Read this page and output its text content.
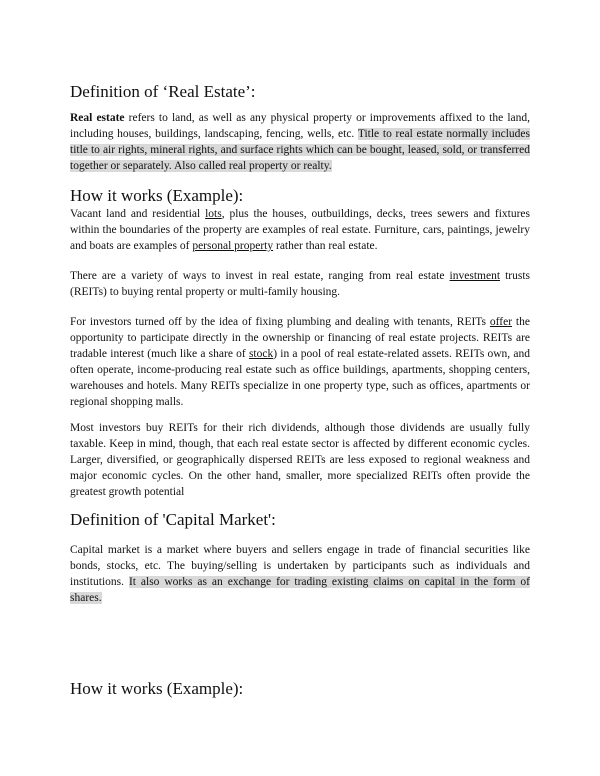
Definition of ‘Real Estate’:

Real estate refers to land, as well as any physical property or improvements affixed to the land, including houses, buildings, landscaping, fencing, wells, etc. Title to real estate normally includes title to air rights, mineral rights, and surface rights which can be bought, leased, sold, or transferred together or separately. Also called real property or realty.

How it works (Example):

Vacant land and residential lots, plus the houses, outbuildings, decks, trees sewers and fixtures within the boundaries of the property are examples of real estate. Furniture, cars, paintings, jewelry and boats are examples of personal property rather than real estate.

There are a variety of ways to invest in real estate, ranging from real estate investment trusts (REITs) to buying rental property or multi-family housing.

For investors turned off by the idea of fixing plumbing and dealing with tenants, REITs offer the opportunity to participate directly in the ownership or financing of real estate projects. REITs are tradable interest (much like a share of stock) in a pool of real estate-related assets. REITs own, and often operate, income-producing real estate such as office buildings, apartments, shopping centers, warehouses and hotels. Many REITs specialize in one property type, such as offices, apartments or regional shopping malls.

Most investors buy REITs for their rich dividends, although those dividends are usually fully taxable. Keep in mind, though, that each real estate sector is affected by different economic cycles. Larger, diversified, or geographically dispersed REITs are less exposed to regional weakness and major economic cycles. On the other hand, smaller, more specialized REITs often provide the greatest growth potential

Definition of 'Capital Market':

Capital market is a market where buyers and sellers engage in trade of financial securities like bonds, stocks, etc. The buying/selling is undertaken by participants such as individuals and institutions. It also works as an exchange for trading existing claims on capital in the form of shares.

How it works (Example):
